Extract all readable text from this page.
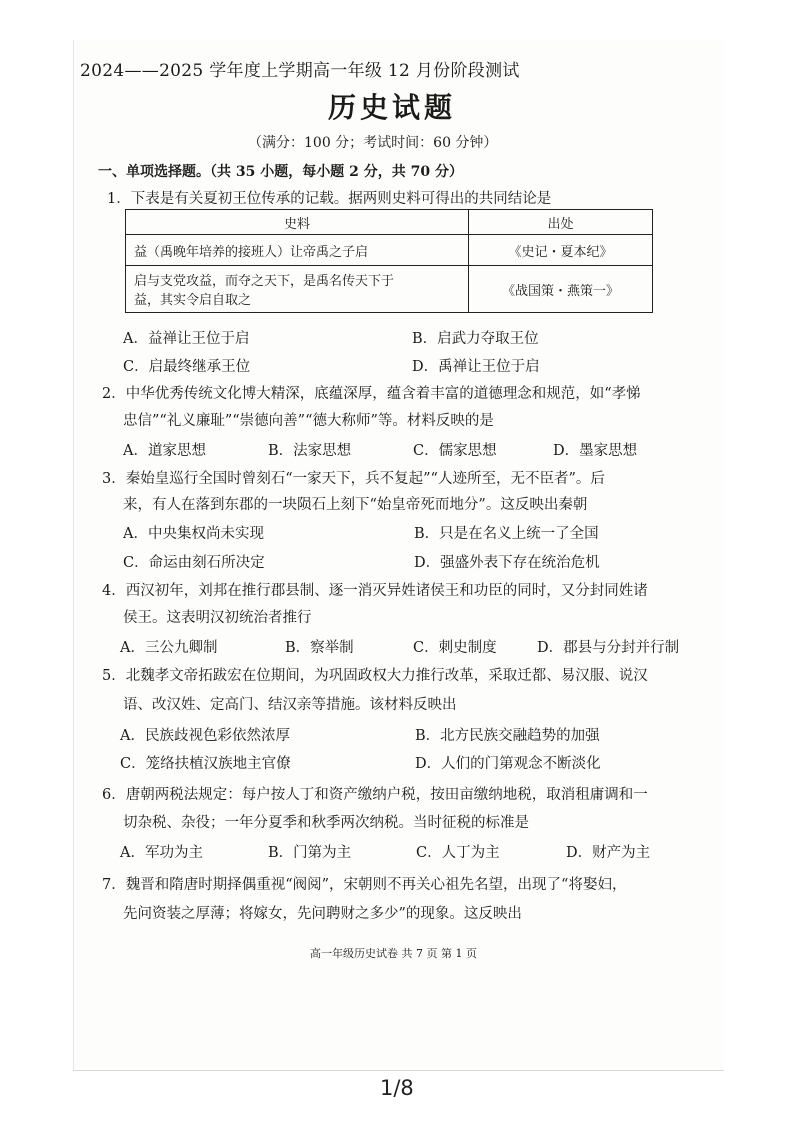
2024——2025 学年度上学期高一年级 12 月份阶段测试
历史试题
（满分：100 分；考试时间：60 分钟）
一、单项选择题。（共 35 小题，每小题 2 分，共 70 分）
1．下表是有关夏初王位传承的记载。据两则史料可得出的共同结论是
史料	出处
益（禹晚年培养的接班人）让帝禹之子启	《史记・夏本纪》
启与支党攻益，而夺之天下，是禹名传天下于
益，其实令启自取之	《战国策・燕策一》
A．益禅让王位于启	B．启武力夺取王位
C．启最终继承王位	D．禹禅让王位于启
2．中华优秀传统文化博大精深，底蕴深厚，蕴含着丰富的道德理念和规范，如“孝悌
忠信”“礼义廉耻”“崇德向善”“德大称师”等。材料反映的是
A．道家思想	B．法家思想	C．儒家思想	D．墨家思想
3．秦始皇巡行全国时曾刻石“一家天下，兵不复起”“人迹所至，无不臣者”。后
来，有人在落到东郡的一块陨石上刻下“始皇帝死而地分”。这反映出秦朝
A．中央集权尚未实现	B．只是在名义上统一了全国
C．命运由刻石所决定	D．强盛外表下存在统治危机
4．西汉初年，刘邦在推行郡县制、逐一消灭异姓诸侯王和功臣的同时，又分封同姓诸
侯王。这表明汉初统治者推行
A．三公九卿制	B．察举制	C．刺史制度	D．郡县与分封并行制
5．北魏孝文帝拓跋宏在位期间，为巩固政权大力推行改革，采取迁都、易汉服、说汉
语、改汉姓、定高门、结汉亲等措施。该材料反映出
A．民族歧视色彩依然浓厚	B．北方民族交融趋势的加强
C．笼络扶植汉族地主官僚	D．人们的门第观念不断淡化
6．唐朝两税法规定：每户按人丁和资产缴纳户税，按田亩缴纳地税，取消租庸调和一
切杂税、杂役；一年分夏季和秋季两次纳税。当时征税的标准是
A．军功为主	B．门第为主	C．人丁为主	D．财产为主
7．魏晋和隋唐时期择偶重视“阀阅”，宋朝则不再关心祖先名望，出现了“将娶妇，
先问资装之厚薄；将嫁女，先问聘财之多少”的现象。这反映出
高一年级历史试卷 共 7 页 第 1 页
1/8
